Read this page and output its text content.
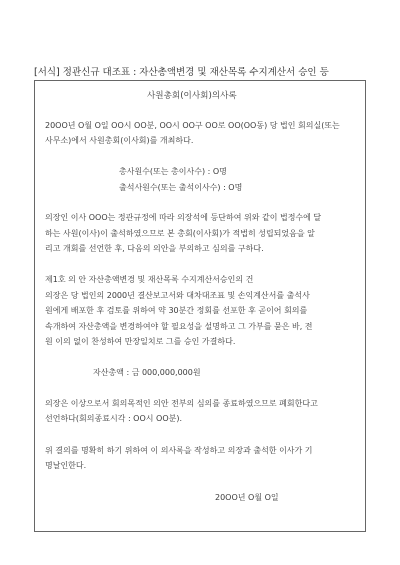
[서식] 정관신규 대조표 : 자산총액변경 및 재산목록 수지계산서 승인 등
사원총회(이사회)의사록
20OO년 O월 O일 OO시 OO분, OO시 OO구 OO로 OO(OO동) 당 법인 회의실(또는
사무소)에서 사원총회(이사회)를 개최하다.
총사원수(또는 총이사수) : O명
출석사원수(또는 출석이사수) : O명
의장인 이사 OOO는 정관규정에 따라 의장석에 등단하여 위와 같이 법정수에 달
하는 사원(이사)이 출석하였으므로 본 총회(이사회)가 적법히 성립되었음을 알
리고 개회를 선언한 후, 다음의 의안을 부의하고 심의를 구하다.
제1호 의 안 자산총액변경 및 재산목록 수지계산서승인의 건
의장은 당 법인의 2000년 결산보고서와 대차대조표 및 손익계산서를 출석사
원에게 배포한 후 검토를 위하여 약 30분간 정회를 선포한 후 곧이어 회의를
속개하여 자산총액을 변경하여야 할 필요성을 설명하고 그 가부를 묻은 바, 전
원 이의 없이 찬성하여 만장일치로 그를 승인 가결하다.
자산총액 : 금 000,000,000원
의장은 이상으로서 회의목적인 의안 전부의 심의를 종료하였으므로 폐회한다고
선언하다(회의종료시각 : OO시 OO분).
위 결의를 명확히 하기 위하여 이 의사록을 작성하고 의장과 출석한 이사가 기
명날인한다.
20OO년 O월 O일
